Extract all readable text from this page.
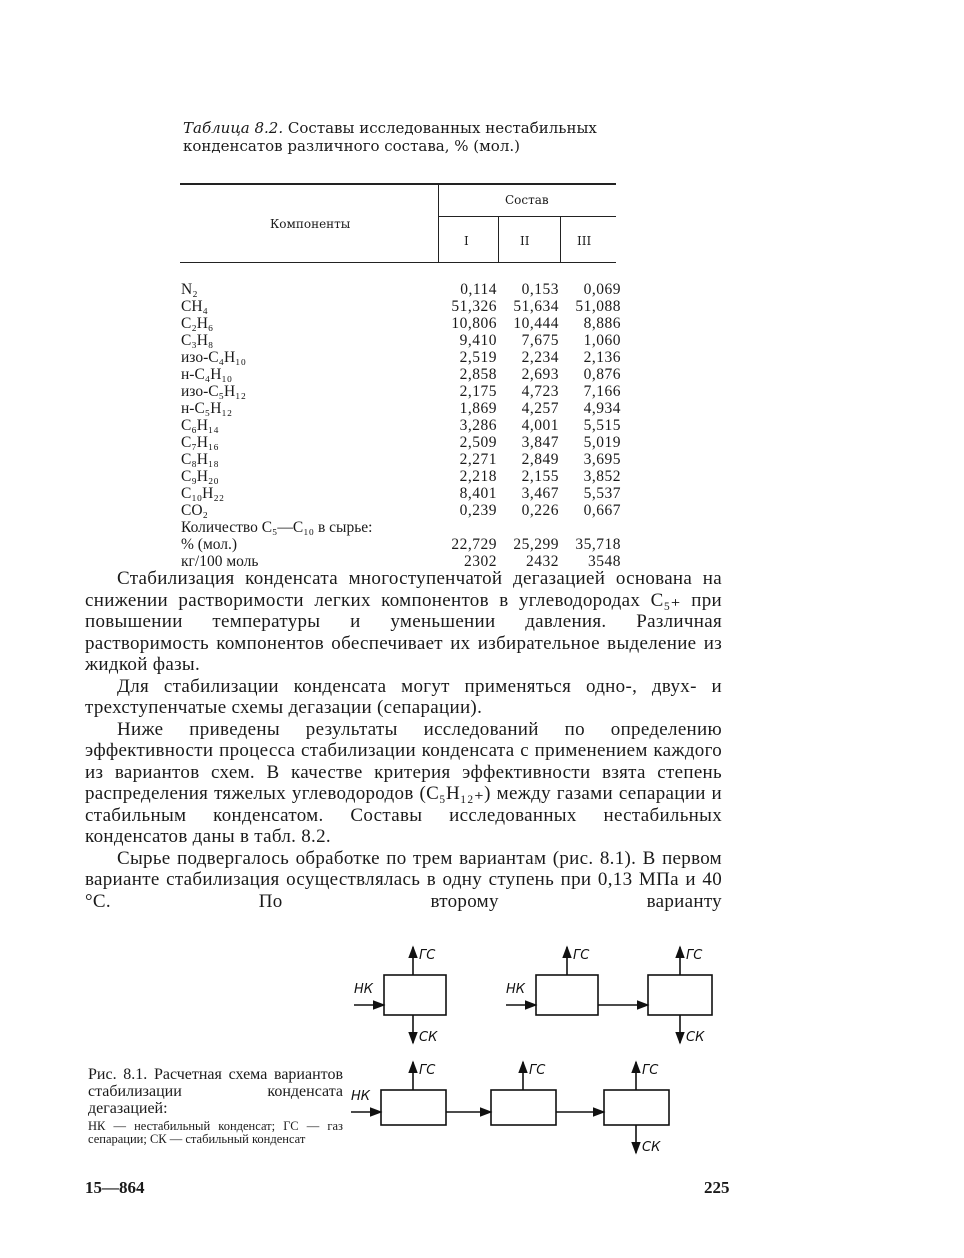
Таблица 8.2. Составы исследованных нестабильных конденсатов различного состава, % (мол.)
Компоненты
Состав
I	II	III
N₂	0,114	0,153	0,069
CH₄	51,326	51,634	51,088
C₂H₆	10,806	10,444	8,886
C₃H₈	9,410	7,675	1,060
изо-C₄H₁₀	2,519	2,234	2,136
н-C₄H₁₀	2,858	2,693	0,876
изо-C₅H₁₂	2,175	4,723	7,166
н-C₅H₁₂	1,869	4,257	4,934
C₆H₁₄	3,286	4,001	5,515
C₇H₁₆	2,509	3,847	5,019
C₈H₁₈	2,271	2,849	3,695
C₉H₂₀	2,218	2,155	3,852
C₁₀H₂₂	8,401	3,467	5,537
CO₂	0,239	0,226	0,667
Количество C₅—C₁₀ в сырье:
% (мол.)	22,729	25,299	35,718
кг/100 моль	2302	2432	3548

Стабилизация конденсата многоступенчатой дегазацией основана на снижении растворимости легких компонентов в углеводородах C₅₊ при повышении температуры и уменьшении давления. Различная растворимость компонентов обеспечивает их избирательное выделение из жидкой фазы.

Для стабилизации конденсата могут применяться одно-, двух- и трехступенчатые схемы дегазации (сепарации).

Ниже приведены результаты исследований по определению эффективности процесса стабилизации конденсата с применением каждого из вариантов схем. В качестве критерия эффективности взята степень распределения тяжелых углеводородов (C₅H₁₂₊) между газами сепарации и стабильным конденсатом. Составы исследованных нестабильных конденсатов даны в табл. 8.2.

Сырье подвергалось обработке по трем вариантам (рис. 8.1). В первом варианте стабилизация осуществлялась в одну ступень при 0,13 МПа и 40 °С. По второму варианту

ГС
СК
НК
ГС	ГС
СК
НК
ГС	ГС	ГС
СК
НК
Рис. 8.1. Расчетная схема вариантов стабилизации конденсата дегазацией:
НК — нестабильный конденсат; ГС — газ сепарации; СК — стабильный конденсат
15—864	225
